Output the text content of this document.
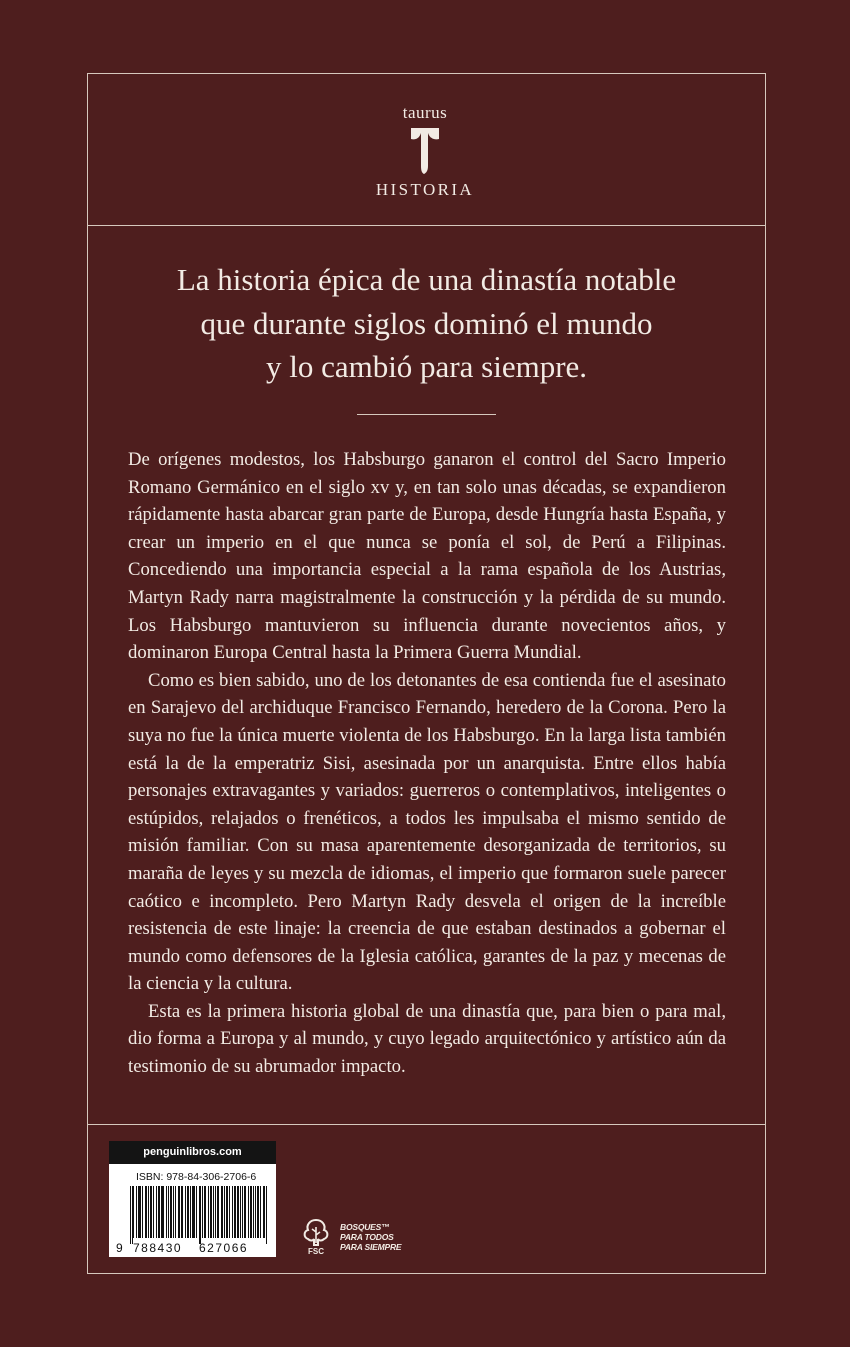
taurus
HISTORIA
La historia épica de una dinastía notable
que durante siglos dominó el mundo
y lo cambió para siempre.

De orígenes modestos, los Habsburgo ganaron el control del Sacro Imperio Romano Germánico en el siglo xv y, en tan solo unas décadas, se expandieron rápidamente hasta abarcar gran parte de Europa, desde Hungría hasta España, y crear un imperio en el que nunca se ponía el sol, de Perú a Filipinas. Concediendo una importancia especial a la rama española de los Austrias, Martyn Rady narra magistralmente la construcción y la pérdida de su mundo. Los Habsburgo mantuvieron su influencia durante novecientos años, y dominaron Europa Central hasta la Primera Guerra Mundial.

Como es bien sabido, uno de los detonantes de esa contienda fue el asesinato en Sarajevo del archiduque Francisco Fernando, heredero de la Corona. Pero la suya no fue la única muerte violenta de los Habsburgo. En la larga lista también está la de la emperatriz Sisi, asesinada por un anarquista. Entre ellos había personajes extravagantes y variados: guerreros o contemplativos, inteligentes o estúpidos, relajados o frenéticos, a todos les impulsaba el mismo sentido de misión familiar. Con su masa aparentemente desorganizada de territorios, su maraña de leyes y su mezcla de idiomas, el imperio que formaron suele parecer caótico e incompleto. Pero Martyn Rady desvela el origen de la increíble resistencia de este linaje: la creencia de que estaban destinados a gobernar el mundo como defensores de la Iglesia católica, garantes de la paz y mecenas de la ciencia y la cultura.

Esta es la primera historia global de una dinastía que, para bien o para mal, dio forma a Europa y al mundo, y cuyo legado arquitectónico y artístico aún da testimonio de su abrumador impacto.

penguinlibros.com
ISBN: 978-84-306-2706-6
9 788430 627066	FSC
BOSQUES™
PARA TODOS
PARA SIEMPRE
